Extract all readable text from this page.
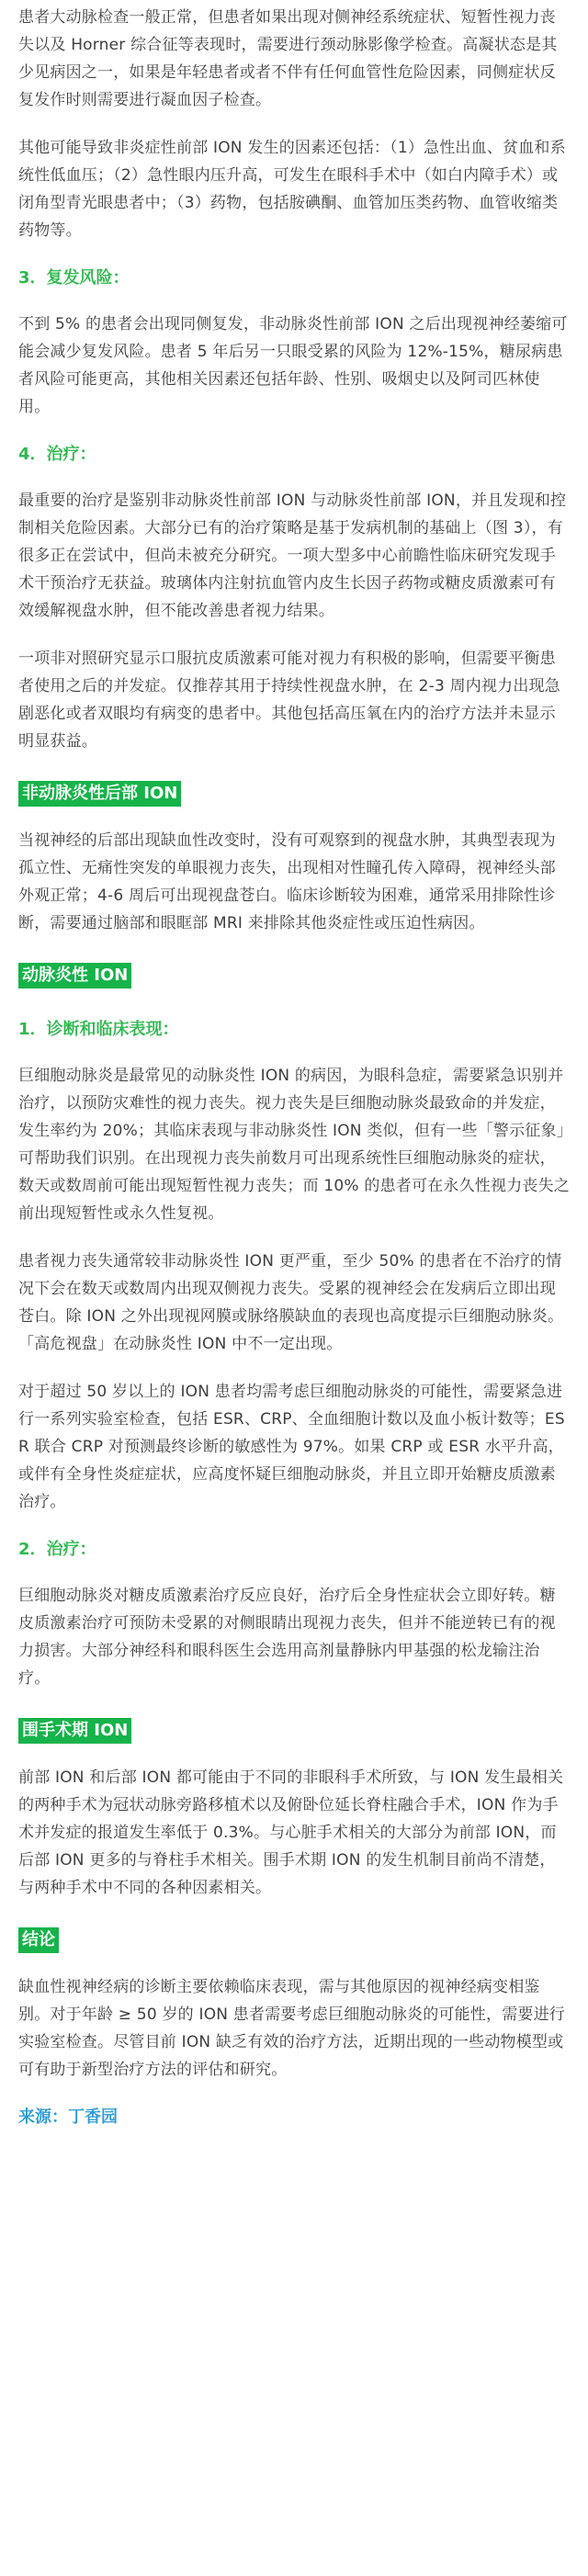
患者大动脉检查一般正常，但患者如果出现对侧神经系统症状、短暂性视力丧失以及 Horner 综合征等表现时，需要进行颈动脉影像学检查。高凝状态是其少见病因之一，如果是年轻患者或者不伴有任何血管性危险因素，同侧症状反复发作时则需要进行凝血因子检查。

其他可能导致非炎症性前部 ION 发生的因素还包括：（1）急性出血、贫血和系统性低血压；（2）急性眼内压升高，可发生在眼科手术中（如白内障手术）或闭角型青光眼患者中；（3）药物，包括胺碘酮、血管加压类药物、血管收缩类药物等。

3．复发风险：

不到 5% 的患者会出现同侧复发，非动脉炎性前部 ION 之后出现视神经萎缩可能会减少复发风险。患者 5 年后另一只眼受累的风险为 12%-15%，糖尿病患者风险可能更高，其他相关因素还包括年龄、性别、吸烟史以及阿司匹林使用。

4．治疗：

最重要的治疗是鉴别非动脉炎性前部 ION 与动脉炎性前部 ION，并且发现和控制相关危险因素。大部分已有的治疗策略是基于发病机制的基础上（图 3），有很多正在尝试中，但尚未被充分研究。一项大型多中心前瞻性临床研究发现手术干预治疗无获益。玻璃体内注射抗血管内皮生长因子药物或糖皮质激素可有效缓解视盘水肿，但不能改善患者视力结果。

一项非对照研究显示口服抗皮质激素可能对视力有积极的影响，但需要平衡患者使用之后的并发症。仅推荐其用于持续性视盘水肿，在 2-3 周内视力出现急剧恶化或者双眼均有病变的患者中。其他包括高压氧在内的治疗方法并未显示明显获益。

非动脉炎性后部 ION

当视神经的后部出现缺血性改变时，没有可观察到的视盘水肿，其典型表现为孤立性、无痛性突发的单眼视力丧失，出现相对性瞳孔传入障碍，视神经头部外观正常；4-6 周后可出现视盘苍白。临床诊断较为困难，通常采用排除性诊断，需要通过脑部和眼眶部 MRI 来排除其他炎症性或压迫性病因。

动脉炎性 ION
1．诊断和临床表现：

巨细胞动脉炎是最常见的动脉炎性 ION 的病因，为眼科急症，需要紧急识别并治疗，以预防灾难性的视力丧失。视力丧失是巨细胞动脉炎最致命的并发症，发生率约为 20%；其临床表现与非动脉炎性 ION 类似，但有一些「警示征象」可帮助我们识别。在出现视力丧失前数月可出现系统性巨细胞动脉炎的症状，数天或数周前可能出现短暂性视力丧失；而 10% 的患者可在永久性视力丧失之前出现短暂性或永久性复视。

患者视力丧失通常较非动脉炎性 ION 更严重，至少 50% 的患者在不治疗的情况下会在数天或数周内出现双侧视力丧失。受累的视神经会在发病后立即出现苍白。除 ION 之外出现视网膜或脉络膜缺血的表现也高度提示巨细胞动脉炎。「高危视盘」在动脉炎性 ION 中不一定出现。

对于超过 50 岁以上的 ION 患者均需考虑巨细胞动脉炎的可能性，需要紧急进行一系列实验室检查，包括 ESR、CRP、全血细胞计数以及血小板计数等；ESR 联合 CRP 对预测最终诊断的敏感性为 97%。如果 CRP 或 ESR 水平升高，或伴有全身性炎症症状，应高度怀疑巨细胞动脉炎，并且立即开始糖皮质激素治疗。

2．治疗：

巨细胞动脉炎对糖皮质激素治疗反应良好，治疗后全身性症状会立即好转。糖皮质激素治疗可预防未受累的对侧眼睛出现视力丧失，但并不能逆转已有的视力损害。大部分神经科和眼科医生会选用高剂量静脉内甲基强的松龙输注治疗。

围手术期 ION

前部 ION 和后部 ION 都可能由于不同的非眼科手术所致，与 ION 发生最相关的两种手术为冠状动脉旁路移植术以及俯卧位延长脊柱融合手术，ION 作为手术并发症的报道发生率低于 0.3%。与心脏手术相关的大部分为前部 ION，而后部 ION 更多的与脊柱手术相关。围手术期 ION 的发生机制目前尚不清楚，与两种手术中不同的各种因素相关。

结论

缺血性视神经病的诊断主要依赖临床表现，需与其他原因的视神经病变相鉴别。对于年龄 ≥ 50 岁的 ION 患者需要考虑巨细胞动脉炎的可能性，需要进行实验室检查。尽管目前 ION 缺乏有效的治疗方法，近期出现的一些动物模型或可有助于新型治疗方法的评估和研究。

来源：丁香园
